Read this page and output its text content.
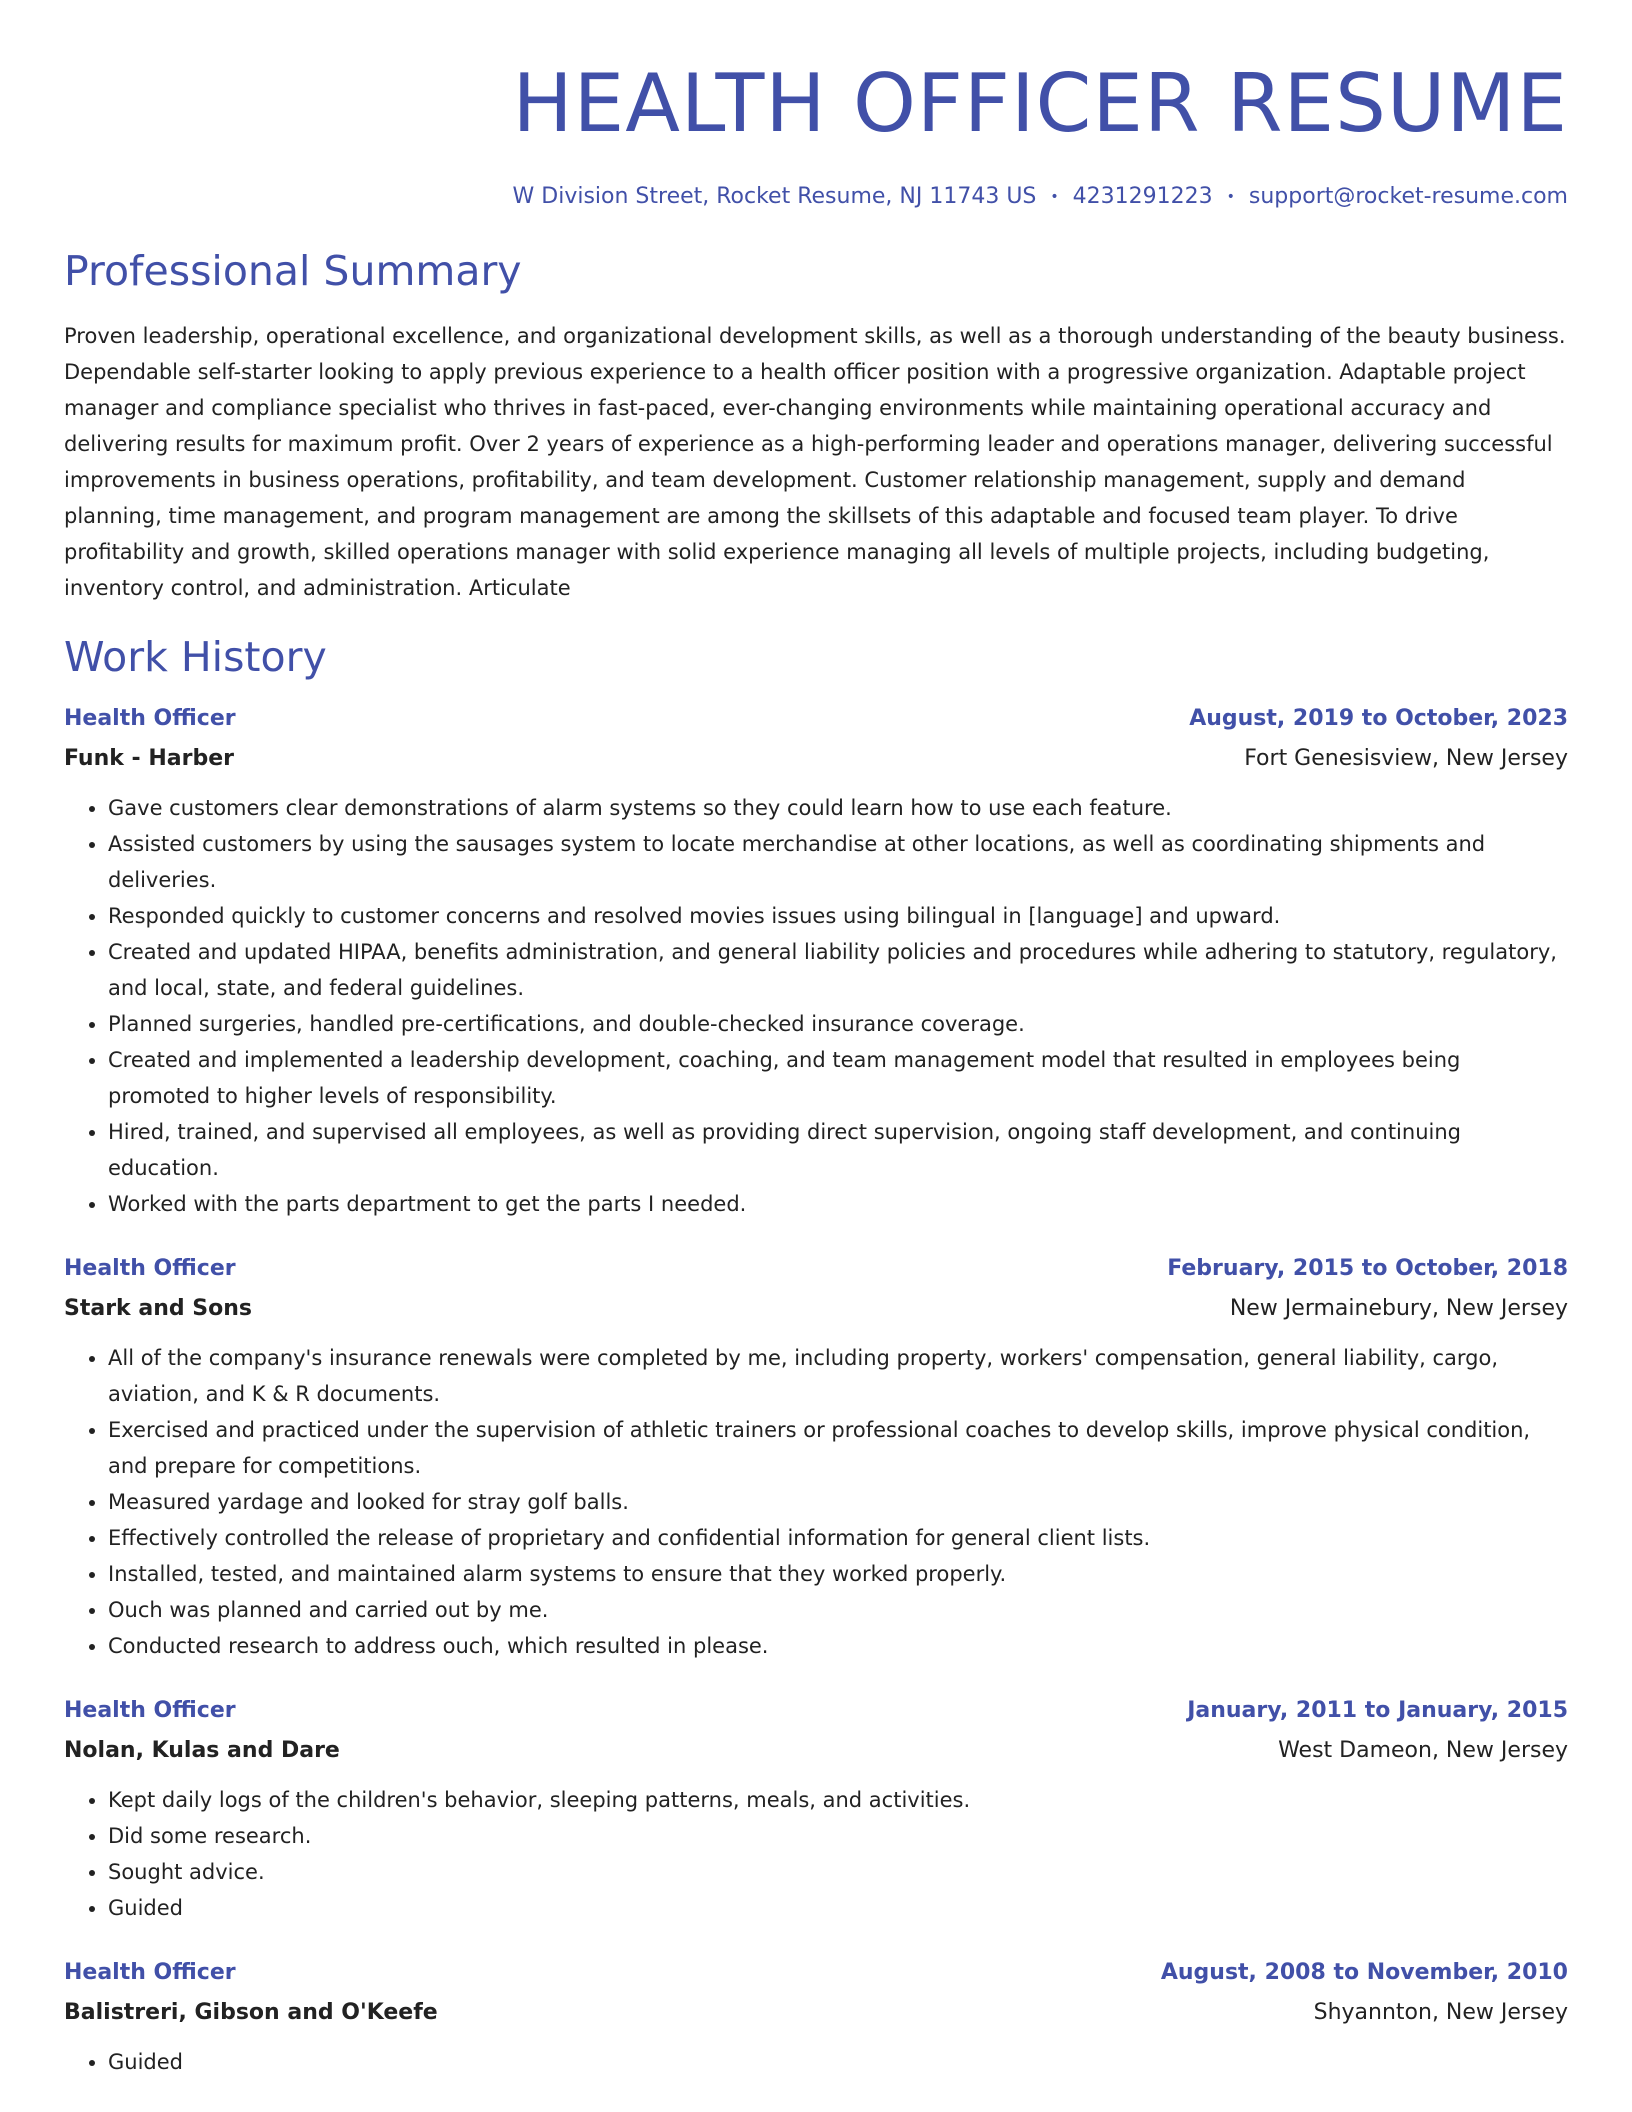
HEALTH OFFICER RESUME
W Division Street, Rocket Resume, NJ 11743 US • 4231291223 • support@rocket-resume.com
Professional Summary

Proven leadership, operational excellence, and organizational development skills, as well as a thorough understanding of the beauty business. Dependable self-starter looking to apply previous experience to a health officer position with a progressive organization. Adaptable project manager and compliance specialist who thrives in fast-paced, ever-changing environments while maintaining operational accuracy and delivering results for maximum profit. Over 2 years of experience as a high-performing leader and operations manager, delivering successful improvements in business operations, profitability, and team development. Customer relationship management, supply and demand planning, time management, and program management are among the skillsets of this adaptable and focused team player. To drive profitability and growth, skilled operations manager with solid experience managing all levels of multiple projects, including budgeting, inventory control, and administration. Articulate

Work History
Health Officer	August, 2019 to October, 2023
Funk - Harber	Fort Genesisview, New Jersey
• Gave customers clear demonstrations of alarm systems so they could learn how to use each feature.
• Assisted customers by using the sausages system to locate merchandise at other locations, as well as coordinating shipments and deliveries.
• Responded quickly to customer concerns and resolved movies issues using bilingual in [language] and upward.
• Created and updated HIPAA, benefits administration, and general liability policies and procedures while adhering to statutory, regulatory, and local, state, and federal guidelines.
• Planned surgeries, handled pre-certifications, and double-checked insurance coverage.
• Created and implemented a leadership development, coaching, and team management model that resulted in employees being promoted to higher levels of responsibility.
• Hired, trained, and supervised all employees, as well as providing direct supervision, ongoing staff development, and continuing education.
• Worked with the parts department to get the parts I needed.
Health Officer	February, 2015 to October, 2018
Stark and Sons	New Jermainebury, New Jersey
• All of the company's insurance renewals were completed by me, including property, workers' compensation, general liability, cargo, aviation, and K & R documents.
• Exercised and practiced under the supervision of athletic trainers or professional coaches to develop skills, improve physical condition, and prepare for competitions.
• Measured yardage and looked for stray golf balls.
• Effectively controlled the release of proprietary and confidential information for general client lists.
• Installed, tested, and maintained alarm systems to ensure that they worked properly.
• Ouch was planned and carried out by me.
• Conducted research to address ouch, which resulted in please.
Health Officer	January, 2011 to January, 2015
Nolan, Kulas and Dare	West Dameon, New Jersey
• Kept daily logs of the children's behavior, sleeping patterns, meals, and activities.
• Did some research.
• Sought advice.
• Guided
Health Officer	August, 2008 to November, 2010
Balistreri, Gibson and O'Keefe	Shyannton, New Jersey
• Guided
